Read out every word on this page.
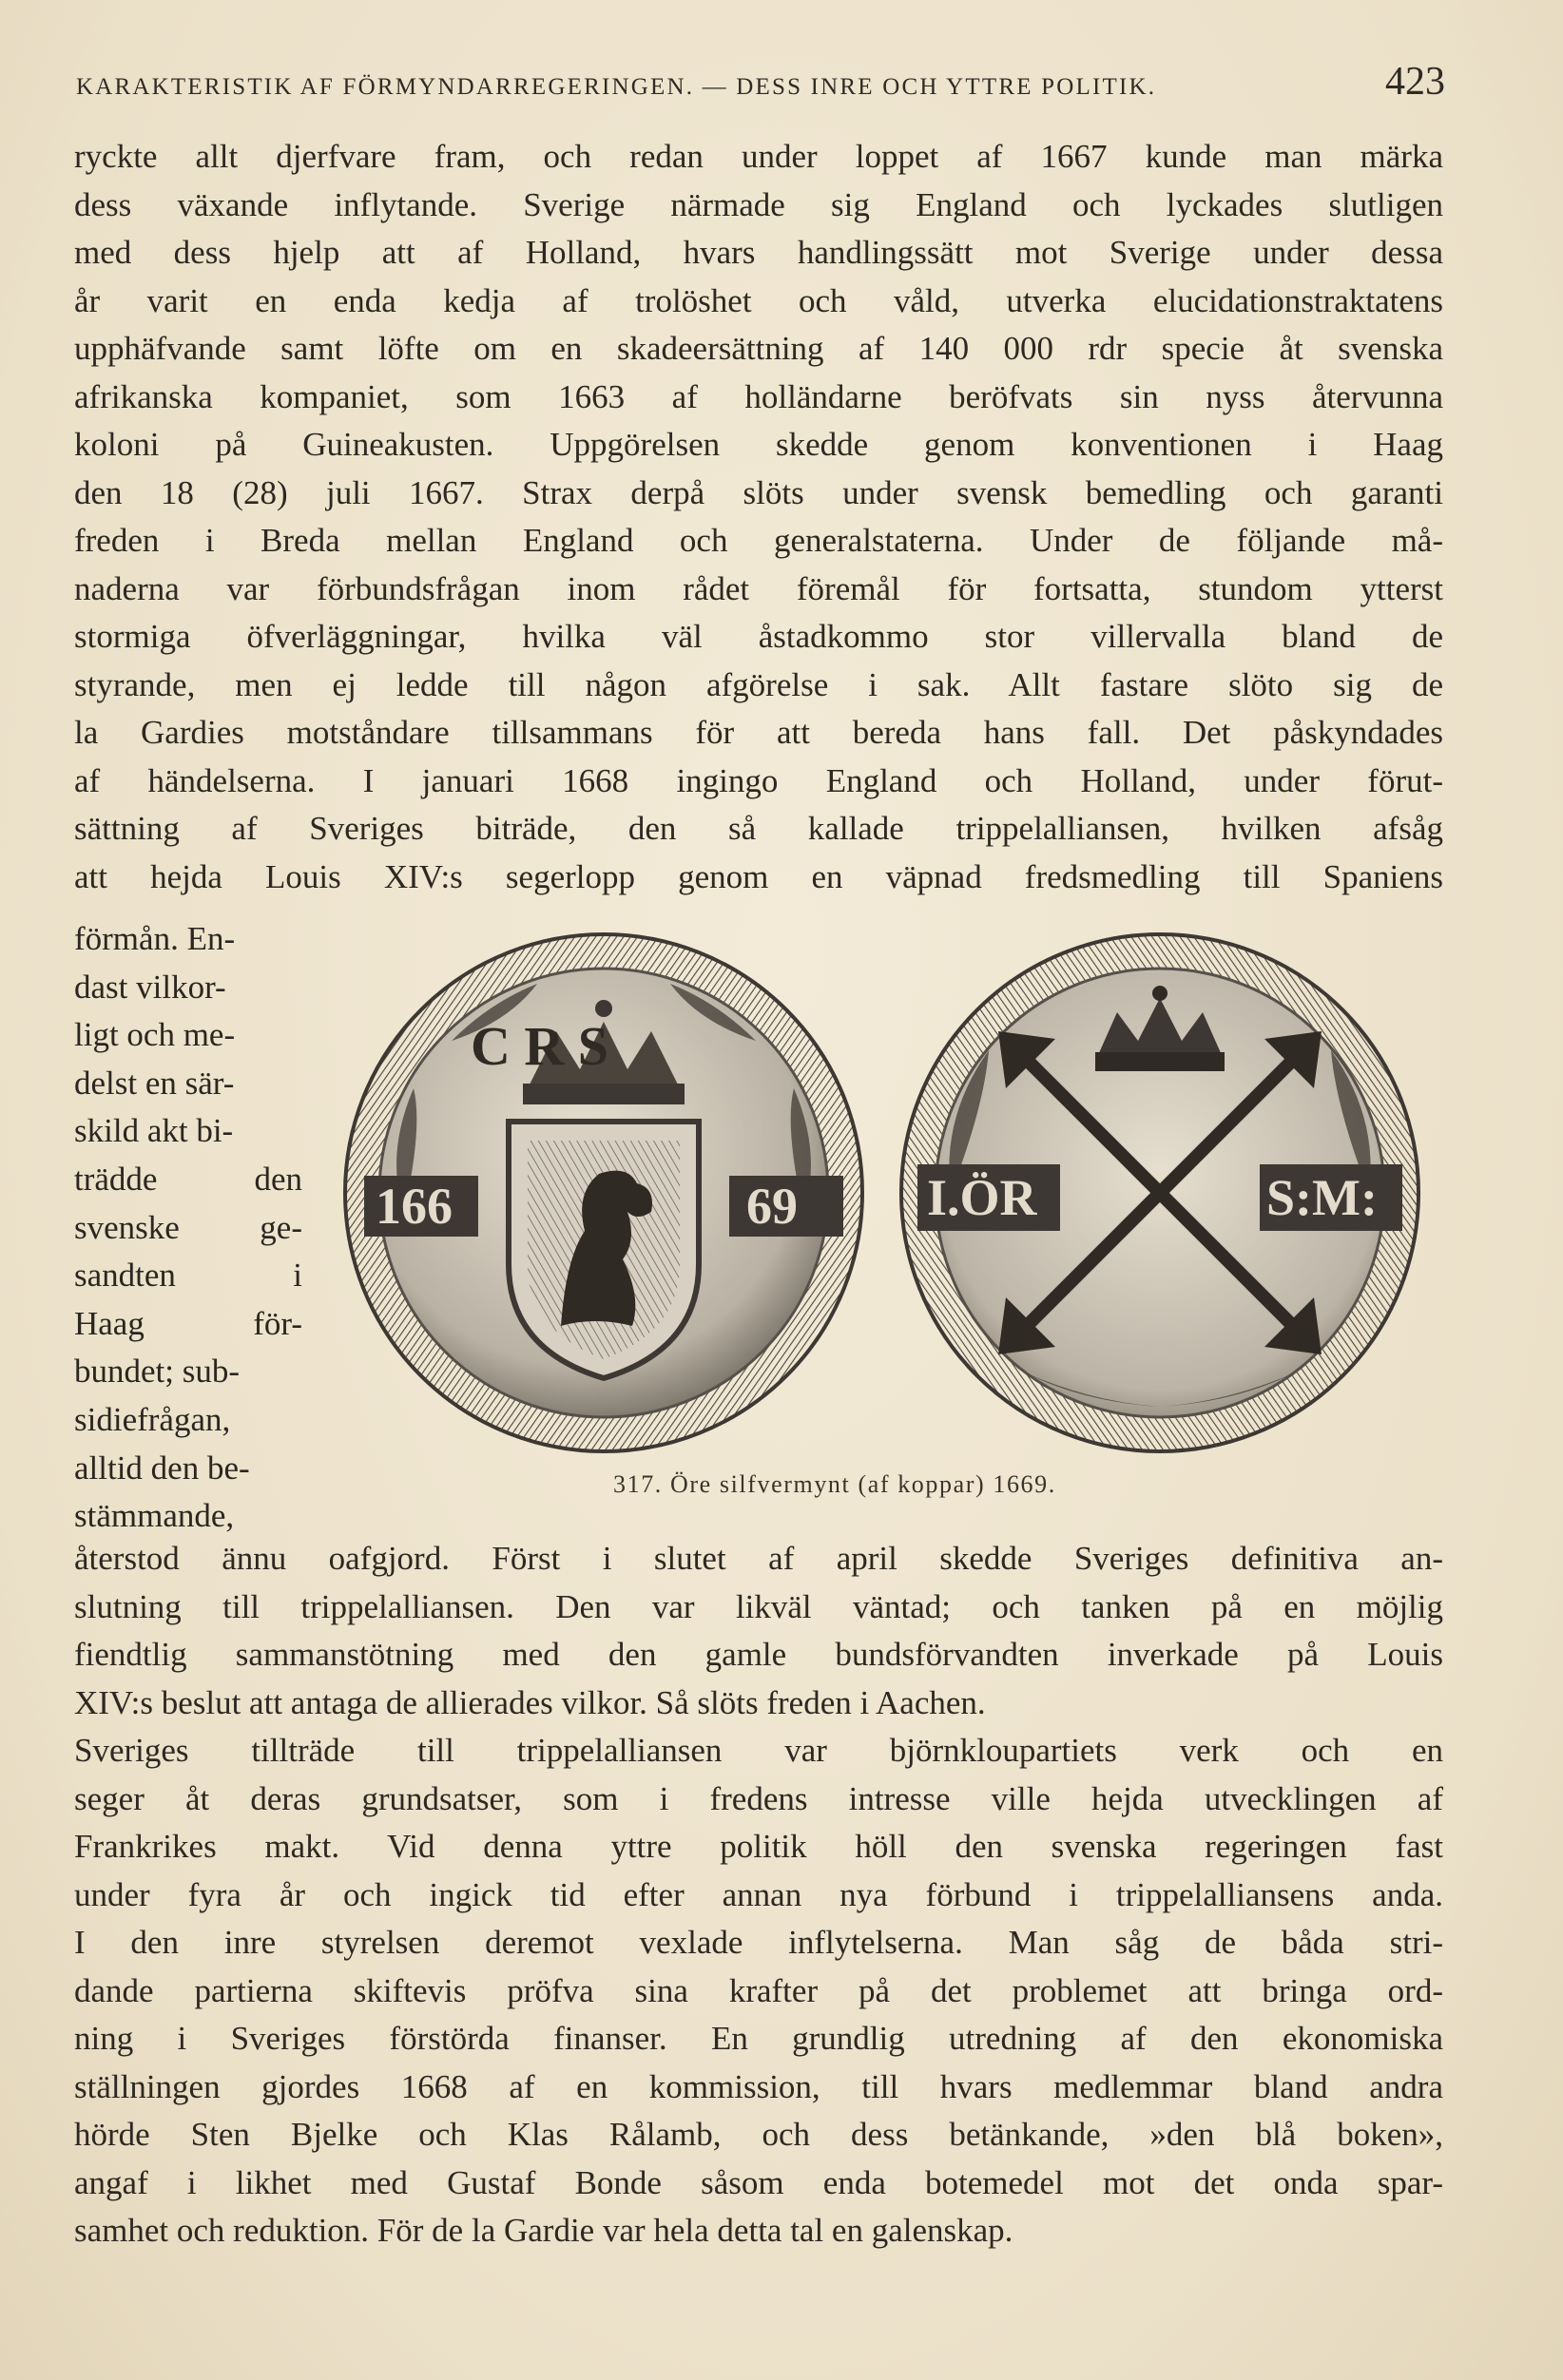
KARAKTERISTIK AF FÖRMYNDARREGERINGEN. — DESS INRE OCH YTTRE POLITIK.	423
ryckte allt djerfvare fram, och redan under loppet af 1667 kunde man märka
dess växande inflytande. Sverige närmade sig England och lyckades slutligen
med dess hjelp att af Holland, hvars handlingssätt mot Sverige under dessa
år varit en enda kedja af trolöshet och våld, utverka elucidationstraktatens
upphäfvande samt löfte om en skadeersättning af 140 000 rdr specie åt svenska
afrikanska kompaniet, som 1663 af holländarne beröfvats sin nyss återvunna
koloni på Guineakusten. Uppgörelsen skedde genom konventionen i Haag
den 18 (28) juli 1667. Strax derpå slöts under svensk bemedling och garanti
freden i Breda mellan England och generalstaterna. Under de följande må-
naderna var förbundsfrågan inom rådet föremål för fortsatta, stundom ytterst
stormiga öfverläggningar, hvilka väl åstadkommo stor villervalla bland de
styrande, men ej ledde till någon afgörelse i sak. Allt fastare slöto sig de
la Gardies motståndare tillsammans för att bereda hans fall. Det påskyndades
af händelserna. I januari 1668 ingingo England och Holland, under förut-
sättning af Sveriges biträde, den så kallade trippelalliansen, hvilken afsåg
att hejda Louis XIV:s segerlopp genom en väpnad fredsmedling till Spaniens
förmån. En-
dast vilkor-
ligt och me-
delst en sär-
skild akt bi-
trädde	den
svenske ge-
sandten	i
Haag	för-
bundet; sub-
sidiefrågan,
alltid den be-
stämmande,
C R S
166	69	I.ÖR	S:M:
317. Öre silfvermynt (af koppar) 1669.
återstod ännu oafgjord. Först i slutet af april skedde Sveriges definitiva an-
slutning till trippelalliansen. Den var likväl väntad; och tanken på en möjlig
fiendtlig sammanstötning med den gamle bundsförvandten inverkade på Louis
XIV:s beslut att antaga de allierades vilkor. Så slöts freden i Aachen.
Sveriges tillträde till trippelalliansen var björnkloupartiets verk och en
seger åt deras grundsatser, som i fredens intresse ville hejda utvecklingen af
Frankrikes makt. Vid denna yttre politik höll den svenska regeringen fast
under fyra år och ingick tid efter annan nya förbund i trippelalliansens anda.
I den inre styrelsen deremot vexlade inflytelserna. Man såg de båda stri-
dande partierna skiftevis pröfva sina krafter på det problemet att bringa ord-
ning i Sveriges förstörda finanser. En grundlig utredning af den ekonomiska
ställningen gjordes 1668 af en kommission, till hvars medlemmar bland andra
hörde Sten Bjelke och Klas Rålamb, och dess betänkande, »den blå boken»,
angaf i likhet med Gustaf Bonde såsom enda botemedel mot det onda spar-
samhet och reduktion. För de la Gardie var hela detta tal en galenskap.
